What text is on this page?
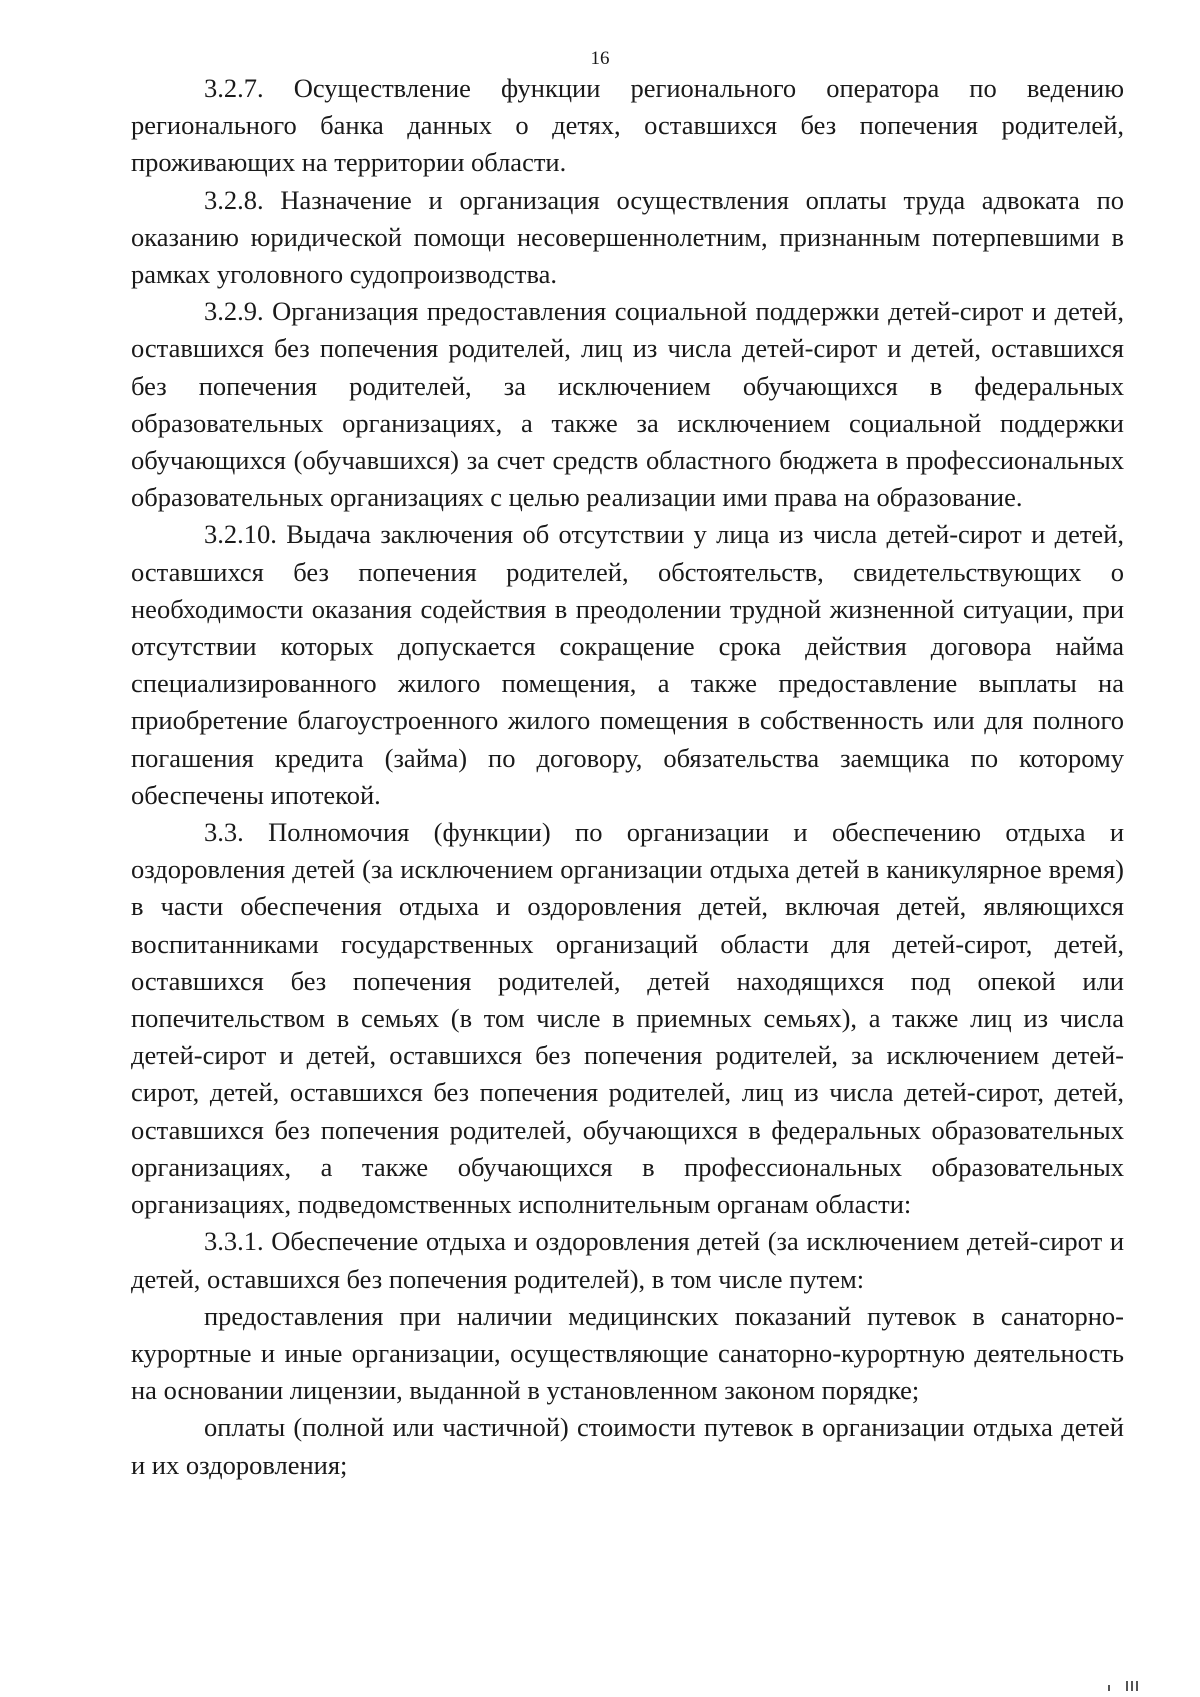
16

3.2.7. Осуществление функции регионального оператора по ведению регионального банка данных о детях, оставшихся без попечения родителей, проживающих на территории области.

3.2.8. Назначение и организация осуществления оплаты труда адвоката по оказанию юридической помощи несовершеннолетним, признанным потерпевшими в рамках уголовного судопроизводства.

3.2.9. Организация предоставления социальной поддержки детей-сирот и детей, оставшихся без попечения родителей, лиц из числа детей-сирот и детей, оставшихся без попечения родителей, за исключением обучающихся в федеральных образовательных организациях, а также за исключением социальной поддержки обучающихся (обучавшихся) за счет средств областного бюджета в профессиональных образовательных организациях с целью реализации ими права на образование.

3.2.10. Выдача заключения об отсутствии у лица из числа детей-сирот и детей, оставшихся без попечения родителей, обстоятельств, свидетельствующих о необходимости оказания содействия в преодолении трудной жизненной ситуации, при отсутствии которых допускается сокращение срока действия договора найма специализированного жилого помещения, а также предоставление выплаты на приобретение благоустроенного жилого помещения в собственность или для полного погашения кредита (займа) по договору, обязательства заемщика по которому обеспечены ипотекой.

3.3. Полномочия (функции) по организации и обеспечению отдыха и оздоровления детей (за исключением организации отдыха детей в каникулярное время) в части обеспечения отдыха и оздоровления детей, включая детей, являющихся воспитанниками государственных организаций области для детей-сирот, детей, оставшихся без попечения родителей, детей находящихся под опекой или попечительством в семьях (в том числе в приемных семьях), а также лиц из числа детей-сирот и детей, оставшихся без попечения родителей, за исключением детей-сирот, детей, оставшихся без попечения родителей, лиц из числа детей-сирот, детей, оставшихся без попечения родителей, обучающихся в федеральных образовательных организациях, а также обучающихся в профессиональных образовательных организациях, подведомственных исполнительным органам области:

3.3.1. Обеспечение отдыха и оздоровления детей (за исключением детей-сирот и детей, оставшихся без попечения родителей), в том числе путем:

предоставления при наличии медицинских показаний путевок в санаторно-курортные и иные организации, осуществляющие санаторно-курортную деятельность на основании лицензии, выданной в установленном законом порядке;

оплаты (полной или частичной) стоимости путевок в организации отдыха детей и их оздоровления;
